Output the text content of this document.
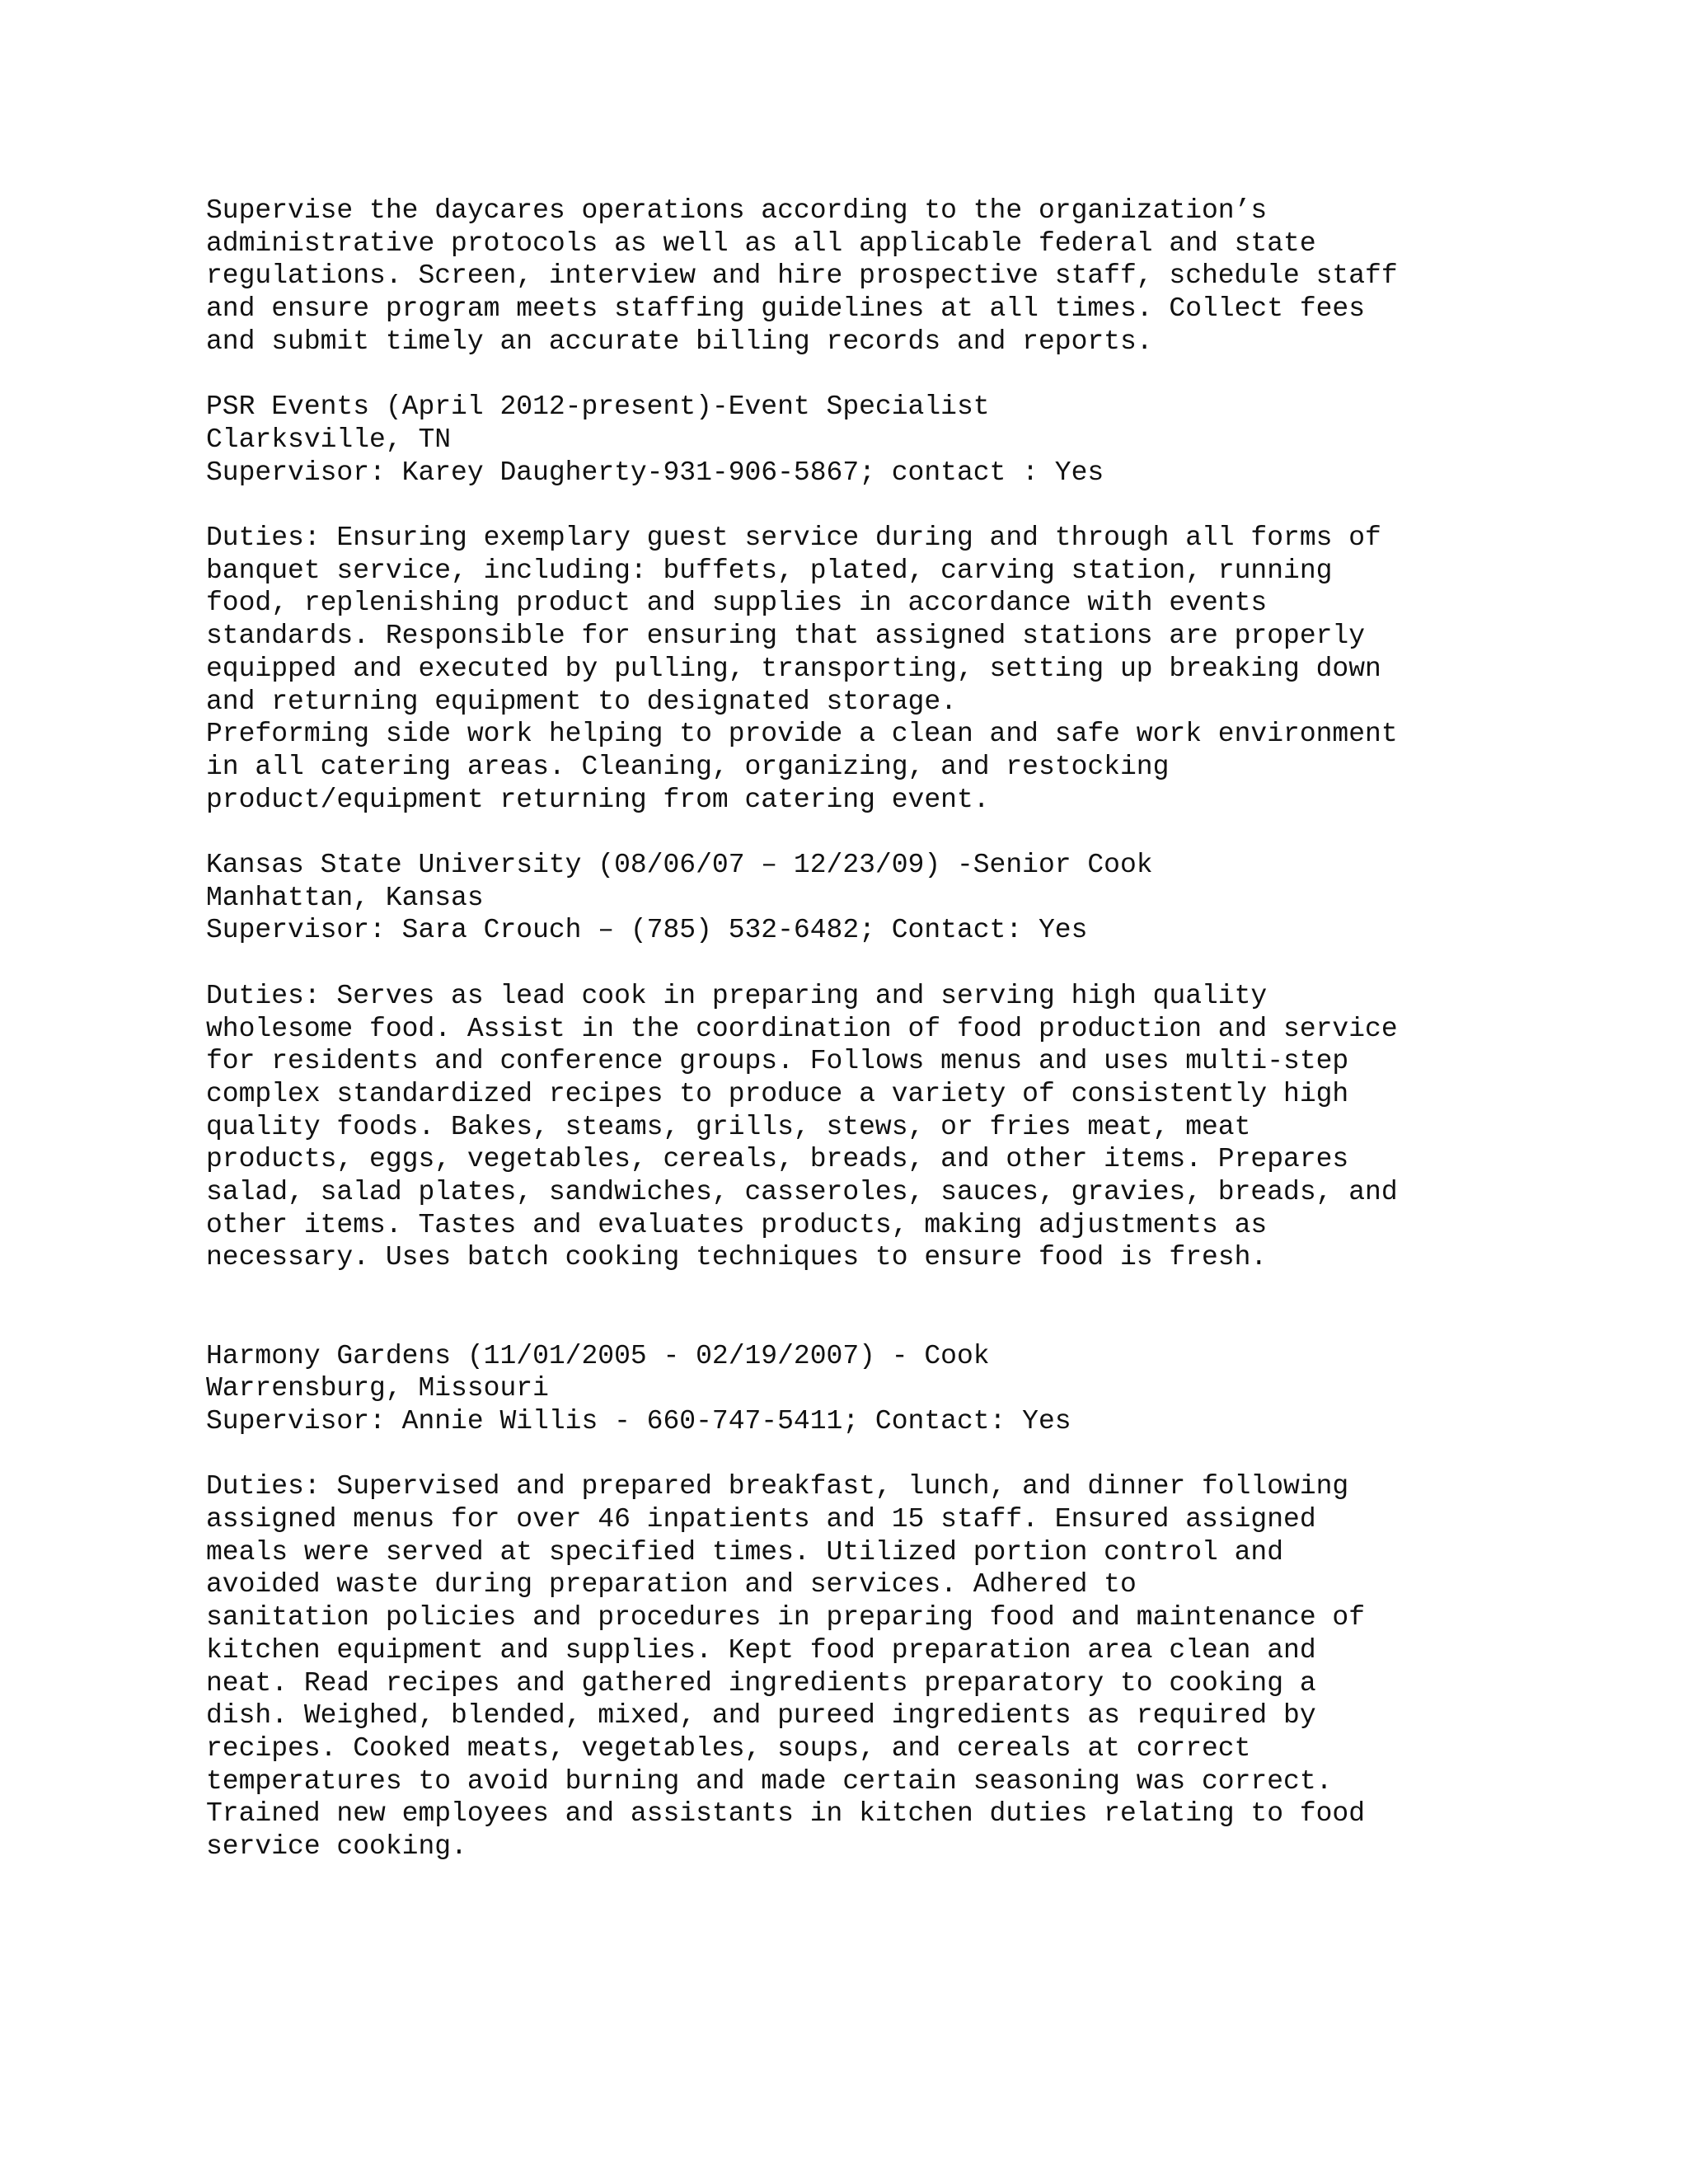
Supervise the daycares operations according to the organization’s
administrative protocols as well as all applicable federal and state
regulations. Screen, interview and hire prospective staff, schedule staff
and ensure program meets staffing guidelines at all times. Collect fees
and submit timely an accurate billing records and reports.
PSR Events (April 2012-present)-Event Specialist
Clarksville, TN
Supervisor: Karey Daugherty-931-906-5867; contact : Yes
Duties: Ensuring exemplary guest service during and through all forms of
banquet service, including: buffets, plated, carving station, running
food, replenishing product and supplies in accordance with events
standards. Responsible for ensuring that assigned stations are properly
equipped and executed by pulling, transporting, setting up breaking down
and returning equipment to designated storage.
Preforming side work helping to provide a clean and safe work environment
in all catering areas. Cleaning, organizing, and restocking
product/equipment returning from catering event.
Kansas State University (08/06/07 – 12/23/09) -Senior Cook
Manhattan, Kansas
Supervisor: Sara Crouch – (785) 532-6482; Contact: Yes
Duties: Serves as lead cook in preparing and serving high quality
wholesome food. Assist in the coordination of food production and service
for residents and conference groups. Follows menus and uses multi-step
complex standardized recipes to produce a variety of consistently high
quality foods. Bakes, steams, grills, stews, or fries meat, meat
products, eggs, vegetables, cereals, breads, and other items. Prepares
salad, salad plates, sandwiches, casseroles, sauces, gravies, breads, and
other items. Tastes and evaluates products, making adjustments as
necessary. Uses batch cooking techniques to ensure food is fresh.
Harmony Gardens (11/01/2005 - 02/19/2007) - Cook
Warrensburg, Missouri
Supervisor: Annie Willis - 660-747-5411; Contact: Yes
Duties: Supervised and prepared breakfast, lunch, and dinner following
assigned menus for over 46 inpatients and 15 staff. Ensured assigned
meals were served at specified times. Utilized portion control and
avoided waste during preparation and services. Adhered to
sanitation policies and procedures in preparing food and maintenance of
kitchen equipment and supplies. Kept food preparation area clean and
neat. Read recipes and gathered ingredients preparatory to cooking a
dish. Weighed, blended, mixed, and pureed ingredients as required by
recipes. Cooked meats, vegetables, soups, and cereals at correct
temperatures to avoid burning and made certain seasoning was correct.
Trained new employees and assistants in kitchen duties relating to food
service cooking.
